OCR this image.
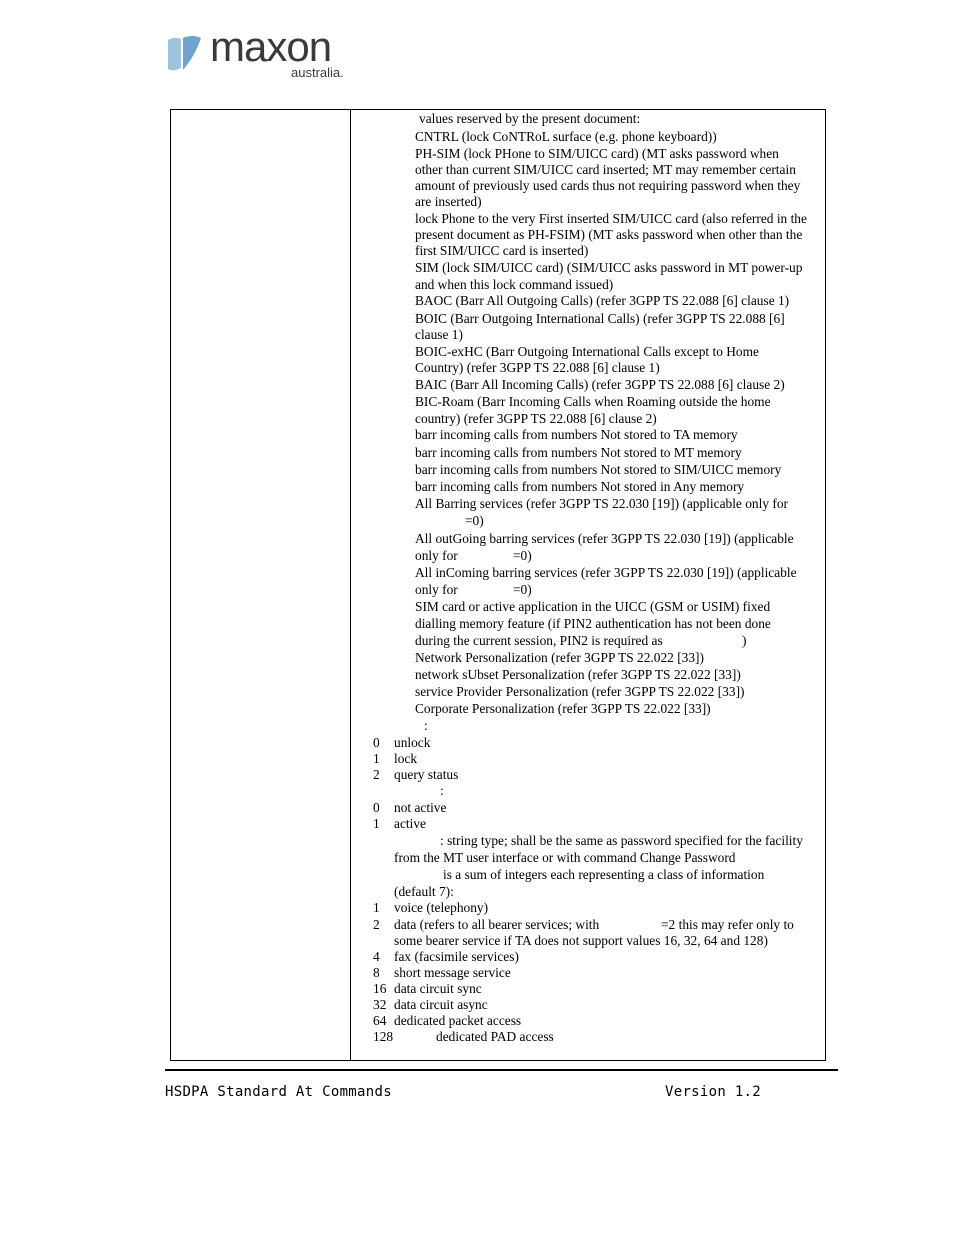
maxon
australia.
values reserved by the present document:
CNTRL (lock CoNTRoL surface (e.g. phone keyboard))
PH-SIM (lock PHone to SIM/UICC card) (MT asks password when
other than current SIM/UICC card inserted; MT may remember certain
amount of previously used cards thus not requiring password when they
are inserted)
lock Phone to the very First inserted SIM/UICC card (also referred in the
present document as PH-FSIM) (MT asks password when other than the
first SIM/UICC card is inserted)
SIM (lock SIM/UICC card) (SIM/UICC asks password in MT power-up
and when this lock command issued)
BAOC (Barr All Outgoing Calls) (refer 3GPP TS 22.088 [6] clause 1)
BOIC (Barr Outgoing International Calls) (refer 3GPP TS 22.088 [6]
clause 1)
BOIC-exHC (Barr Outgoing International Calls except to Home
Country) (refer 3GPP TS 22.088 [6] clause 1)
BAIC (Barr All Incoming Calls) (refer 3GPP TS 22.088 [6] clause 2)
BIC-Roam (Barr Incoming Calls when Roaming outside the home
country) (refer 3GPP TS 22.088 [6] clause 2)
barr incoming calls from numbers Not stored to TA memory
barr incoming calls from numbers Not stored to MT memory
barr incoming calls from numbers Not stored to SIM/UICC memory
barr incoming calls from numbers Not stored in Any memory
All Barring services (refer 3GPP TS 22.030 [19]) (applicable only for
=0)
All outGoing barring services (refer 3GPP TS 22.030 [19]) (applicable
only for	=0)
All inComing barring services (refer 3GPP TS 22.030 [19]) (applicable
only for	=0)
SIM card or active application in the UICC (GSM or USIM) fixed
dialling memory feature (if PIN2 authentication has not been done
during the current session, PIN2 is required as	)
Network Personalization (refer 3GPP TS 22.022 [33])
network sUbset Personalization (refer 3GPP TS 22.022 [33])
service Provider Personalization (refer 3GPP TS 22.022 [33])
Corporate Personalization (refer 3GPP TS 22.022 [33])
:
0 unlock
1 lock
2 query status
:
0 not active
1 active
: string type; shall be the same as password specified for the facility
from the MT user interface or with command Change Password
is a sum of integers each representing a class of information
(default 7):
1 voice (telephony)
2 data (refers to all bearer services; with	=2 this may refer only to
some bearer service if TA does not support values 16, 32, 64 and 128)
4 fax (facsimile services)
8 short message service
16 data circuit sync
32 data circuit async
64 dedicated packet access
128	dedicated PAD access
HSDPA Standard At Commands	Version 1.2
